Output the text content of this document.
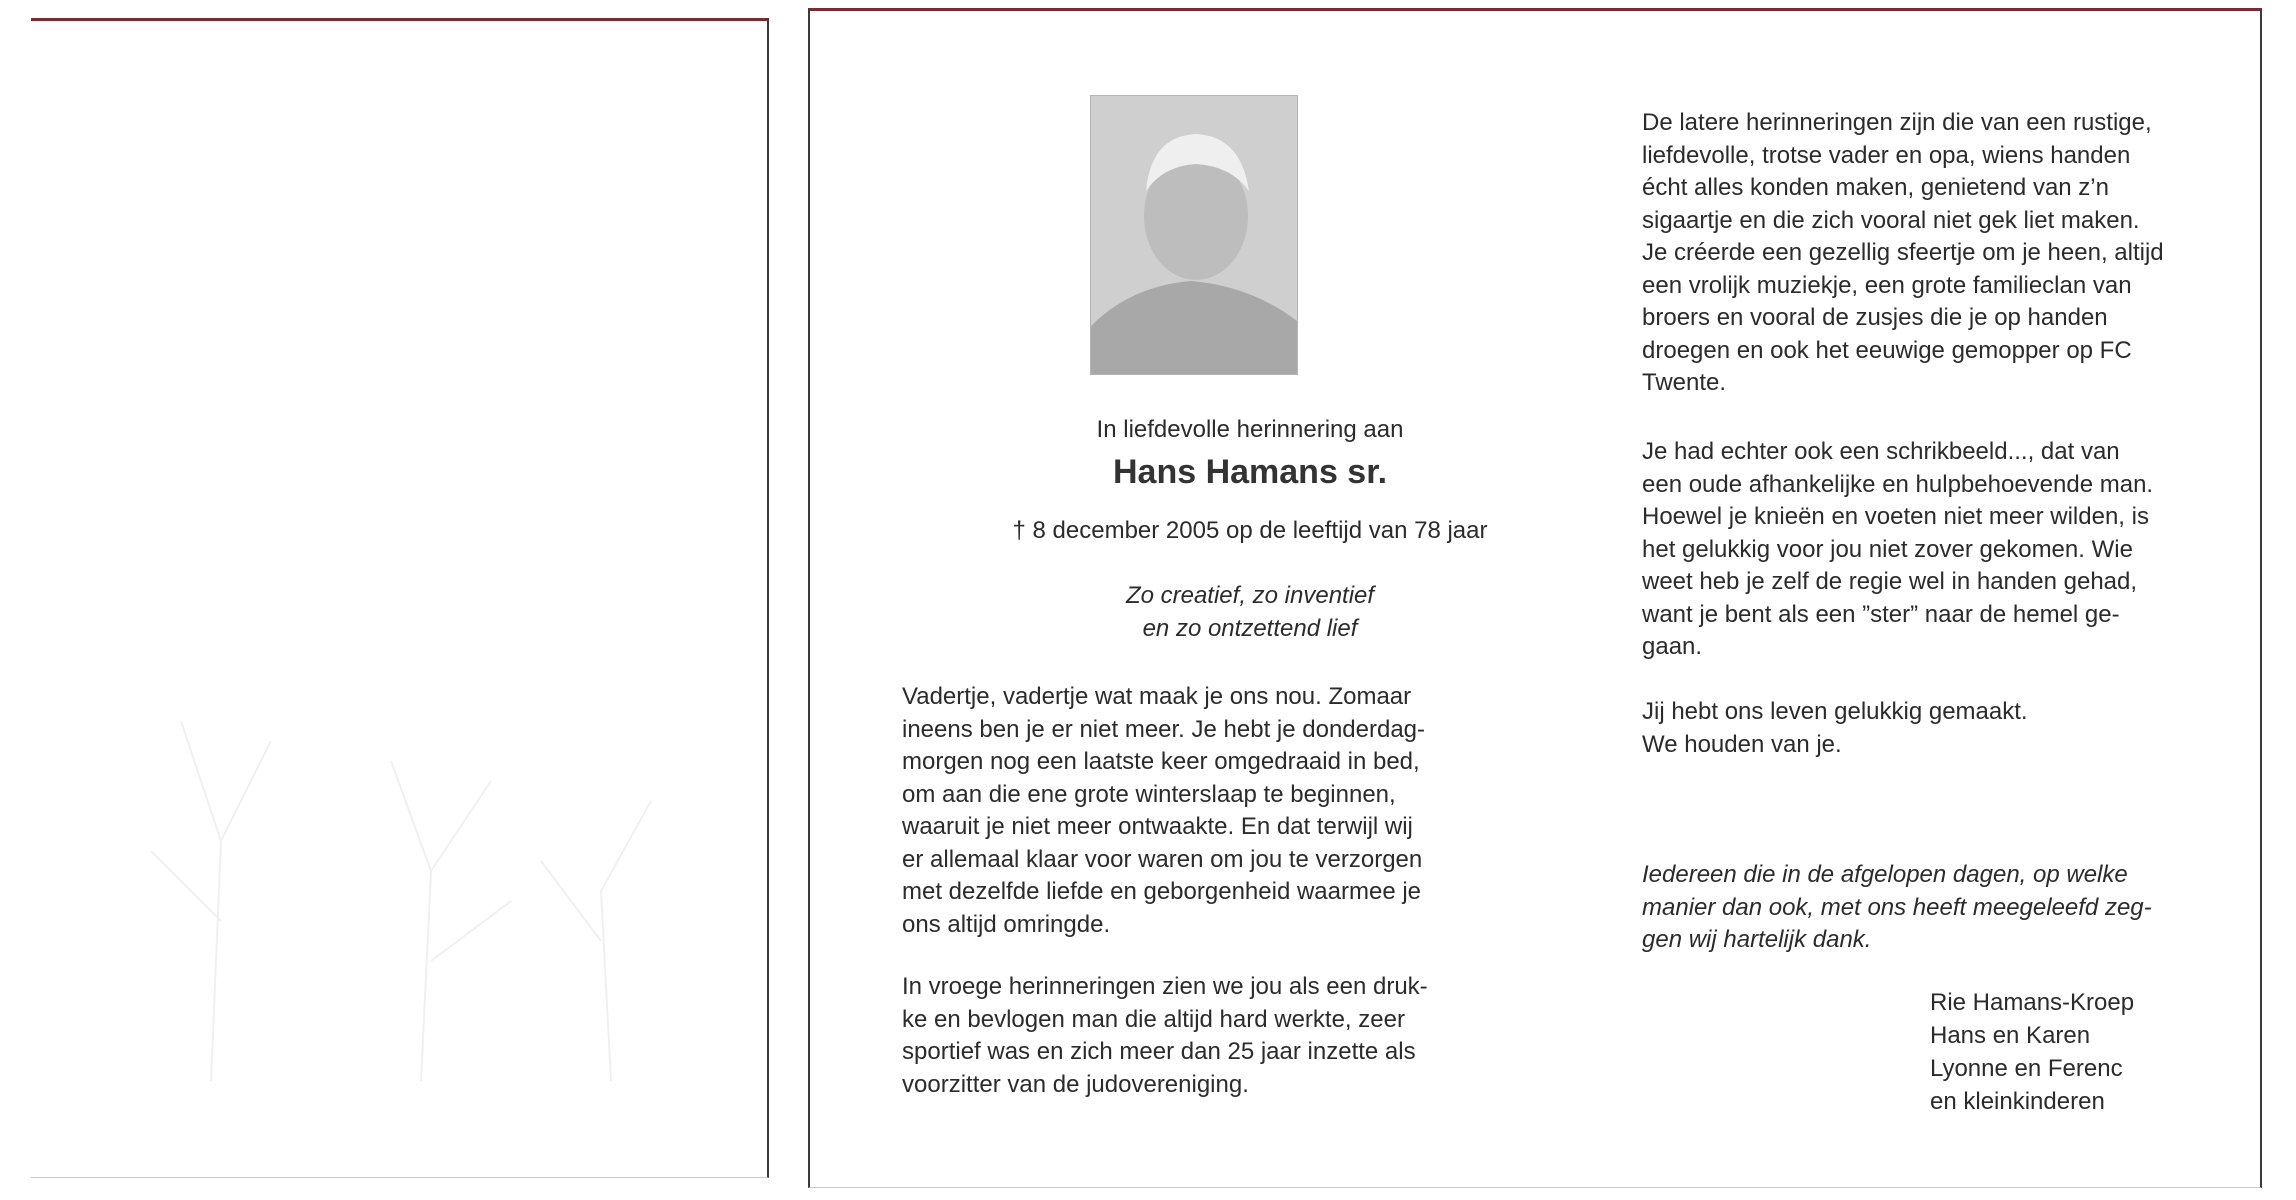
In liefdevolle herinnering aan
Hans Hamans sr.
† 8 december 2005 op de leeftijd van 78 jaar
Zo creatief, zo inventief
en zo ontzettend lief
Vadertje, vadertje wat maak je ons nou. Zomaar
ineens ben je er niet meer. Je hebt je donderdag-
morgen nog een laatste keer omgedraaid in bed,
om aan die ene grote winterslaap te beginnen,
waaruit je niet meer ontwaakte. En dat terwijl wij
er allemaal klaar voor waren om jou te verzorgen
met dezelfde liefde en geborgenheid waarmee je
ons altijd omringde.
In vroege herinneringen zien we jou als een druk-
ke en bevlogen man die altijd hard werkte, zeer
sportief was en zich meer dan 25 jaar inzette als
voorzitter van de judovereniging.
De latere herinneringen zijn die van een rustige,
liefdevolle, trotse vader en opa, wiens handen
écht alles konden maken, genietend van z’n
sigaartje en die zich vooral niet gek liet maken.
Je créerde een gezellig sfeertje om je heen, altijd
een vrolijk muziekje, een grote familieclan van
broers en vooral de zusjes die je op handen
droegen en ook het eeuwige gemopper op FC
Twente.
Je had echter ook een schrikbeeld..., dat van
een oude afhankelijke en hulpbehoevende man.
Hoewel je knieën en voeten niet meer wilden, is
het gelukkig voor jou niet zover gekomen. Wie
weet heb je zelf de regie wel in handen gehad,
want je bent als een ”ster” naar de hemel ge-
gaan.
Jij hebt ons leven gelukkig gemaakt.
We houden van je.
Iedereen die in de afgelopen dagen, op welke
manier dan ook, met ons heeft meegeleefd zeg-
gen wij hartelijk dank.
Rie Hamans-Kroep
Hans en Karen
Lyonne en Ferenc
en kleinkinderen
